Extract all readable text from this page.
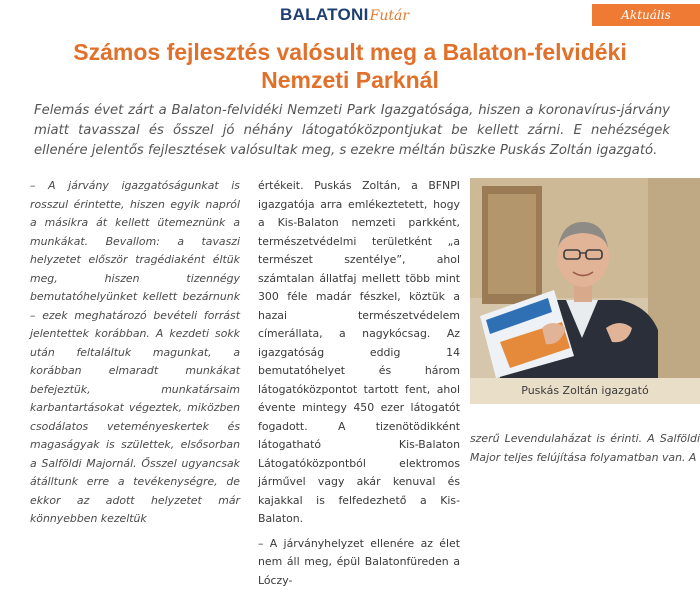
BALATONI Futár	Aktuális
Számos fejlesztés valósult meg a Balaton-felvidéki
Nemzeti Parknál

Felemás évet zárt a Balaton-felvidéki Nemzeti Park Igazgatósága, hiszen a koronavírus-járvány miatt tavasszal és ősszel jó néhány látogatóközpontjukat be kellett zárni. E nehézségek ellenére jelentős fejlesztések valósultak meg, s ezekre méltán büszke Puskás Zoltán igazgató.

– A járvány igazgatóságunkat is rosszul érintette, hiszen egyik napról a másikra át kellett ütemeznünk a munkákat. Bevallom: a tavaszi helyzetet először tragédiaként éltük meg, hiszen tizennégy bemutatóhelyünket kellett bezárnunk – ezek meghatározó bevételi forrást jelentettek korábban. A kezdeti sokk után feltaláltuk magunkat, a korábban elmaradt munkákat befejeztük, munkatársaim karbantartásokat végeztek, miközben csodálatos veteményeskertek és magaságyak is születtek, elsősorban a Salföldi Majornál. Ősszel ugyancsak átálltunk erre a tevékenységre, de ekkor az adott helyzetet már könnyebben kezeltük

értékeit. Puskás Zoltán, a BFNPI igazgatója arra emlékeztetett, hogy a Kis-Balaton nemzeti parkként, természetvédelmi területként „a természet szentélye”, ahol számtalan állatfaj mellett több mint 300 féle madár fészkel, köztük a hazai természetvédelem címerállata, a nagykócsag. Az igazgatóság eddig 14 bemutatóhelyet és három látogatóközpontot tartott fent, ahol évente mintegy 450 ezer látogatót fogadott. A tizenötödikként látogatható Kis-Balaton Látogatóközpontból elektromos járművel vagy akár kenuval és kajakkal is felfedezhető a Kis-Balaton.

– A járványhelyzet ellenére az élet nem áll meg, épül Balatonfüreden a Lóczy-

Puskás Zoltán igazgató
szerű Levendulaházat is érinti. A Salföldi Major teljes felújítása folyamatban van. A
